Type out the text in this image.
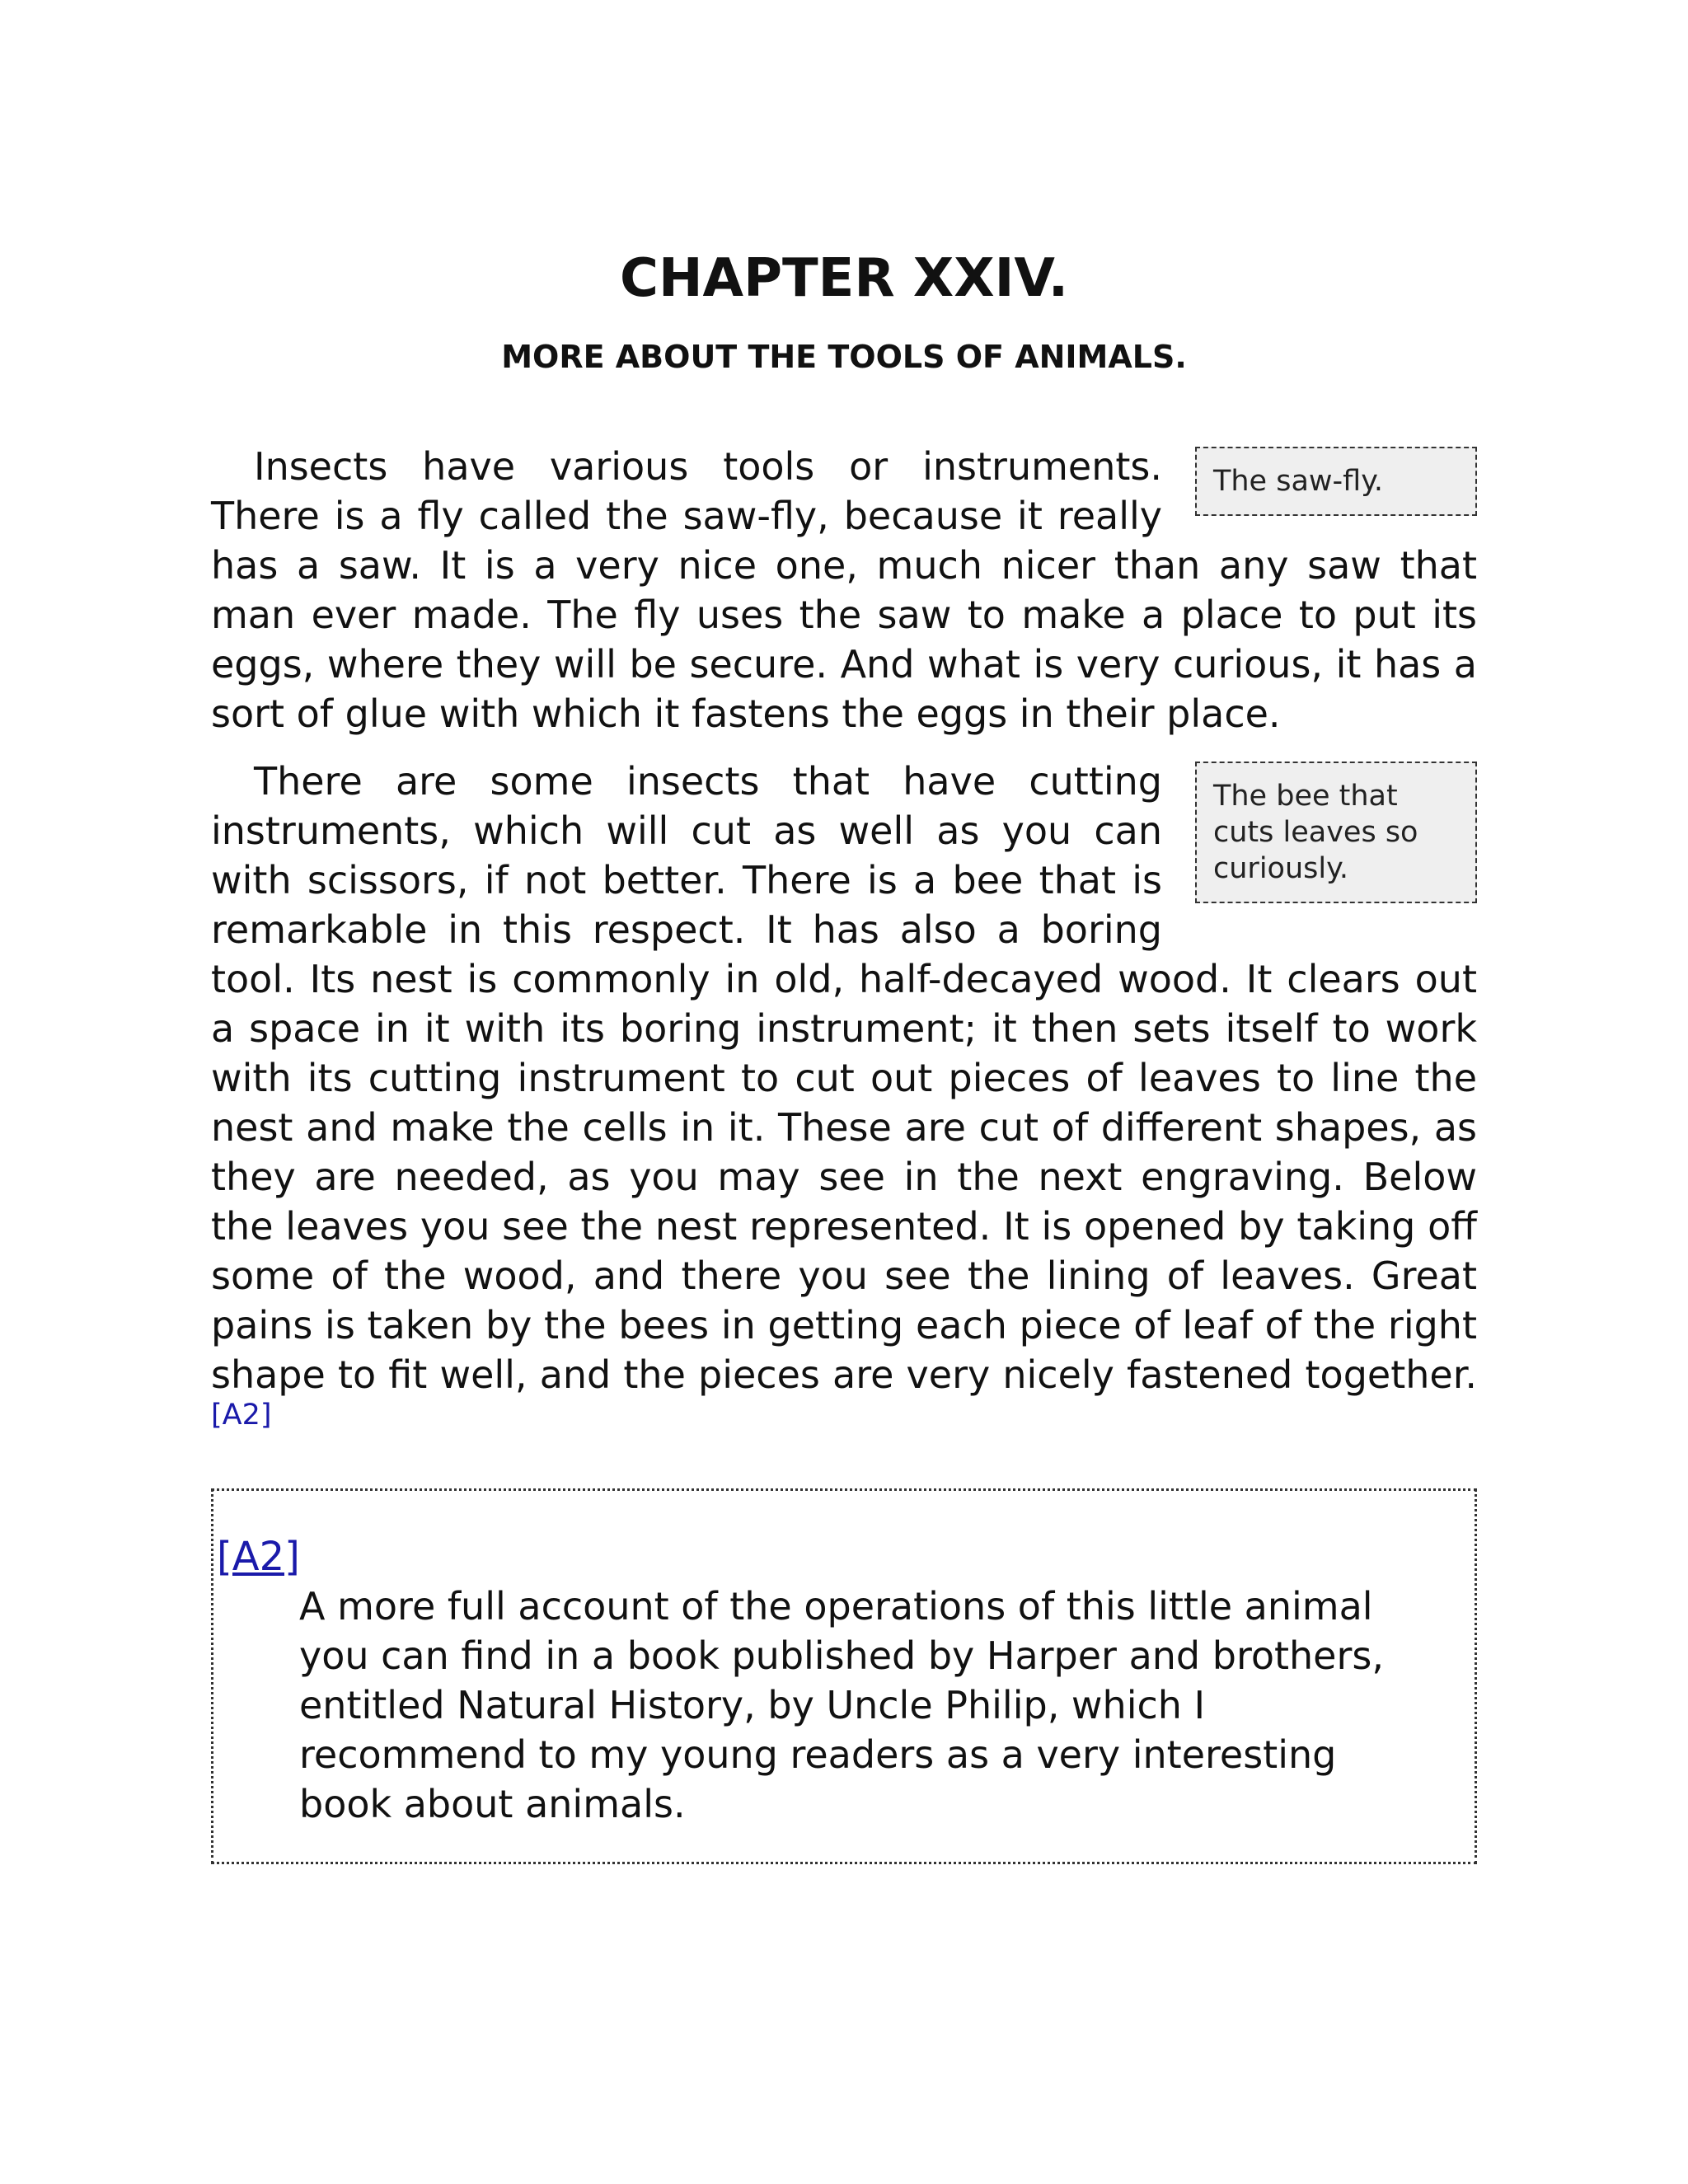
CHAPTER XXIV.
MORE ABOUT THE TOOLS OF ANIMALS.

The saw-fly.
Insects have various tools or instruments. There is a fly called the saw-fly, because it really has a saw. It is a very nice one, much nicer than any saw that man ever made. The fly uses the saw to make a place to put its eggs, where they will be secure. And what is very curious, it has a sort of glue with which it fastens the eggs in their place.

The bee that cuts leaves so curiously.
There are some insects that have cutting instruments, which will cut as well as you can with scissors, if not better. There is a bee that is remarkable in this respect. It has also a boring tool. Its nest is commonly in old, half-decayed wood. It clears out a space in it with its boring instrument; it then sets itself to work with its cutting instrument to cut out pieces of leaves to line the nest and make the cells in it. These are cut of different shapes, as they are needed, as you may see in the next engraving. Below the leaves you see the nest represented. It is opened by taking off some of the wood, and there you see the lining of leaves. Great pains is taken by the bees in getting each piece of leaf of the right shape to fit well, and the pieces are very nicely fastened together.[A2]

[A2]

A more full account of the operations of this little animal you can find in a book published by Harper and brothers, entitled Natural History, by Uncle Philip, which I recommend to my young readers as a very interesting book about animals.
